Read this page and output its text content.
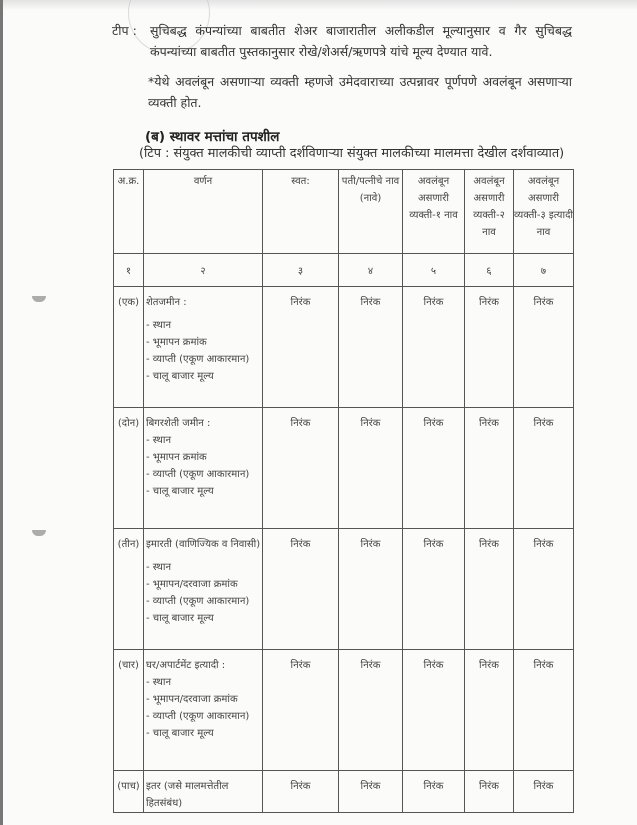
टीप : सुचिबद्ध कंपन्यांच्या बाबतीत शेअर बाजारातील अलीकडील मूल्यानुसार व गैर सुचिबद्ध कंपन्यांच्या बाबतीत पुस्तकानुसार रोखे/शेअर्स/ऋणपत्रे यांचे मूल्य देण्यात यावे.
*येथे अवलंबून असणाऱ्या व्यक्ती म्हणजे उमेदवाराच्या उत्पन्नावर पूर्णपणे अवलंबून असणाऱ्या व्यक्ती होत.
(ब) स्थावर मत्तांचा तपशील
(टिप : संयुक्त मालकीची व्याप्ती दर्शविणाऱ्या संयुक्त मालकीच्या मालमत्ता देखील दर्शवाव्यात)
अ.क्र.	वर्णन	स्वत:	पती/पत्नीचे नाव (नावे)	अवलंबून असणारी व्यक्ती-१ नाव	अवलंबून असणारी व्यक्ती-२ नाव	अवलंबून असणारी व्यक्ती-३ इत्यादी नाव
१	२	३	४	५	६	७
(एक)	शेतजमीन :
- स्थान
- भूमापन क्रमांक
- व्याप्ती (एकूण आकारमान)
- चालू बाजार मूल्य	निरंक	निरंक	निरंक	निरंक	निरंक
(दोन)	बिगरशेती जमीन :
- स्थान
- भूमापन क्रमांक
- व्याप्ती (एकूण आकारमान)
- चालू बाजार मूल्य	निरंक	निरंक	निरंक	निरंक	निरंक
(तीन)	इमारती (वाणिज्यिक व निवासी)
- स्थान
- भूमापन/दरवाजा क्रमांक
- व्याप्ती (एकूण आकारमान)
- चालू बाजार मूल्य	निरंक	निरंक	निरंक	निरंक	निरंक
(चार)	घर/अपार्टमेंट इत्यादी :
- स्थान
- भूमापन/दरवाजा क्रमांक
- व्याप्ती (एकूण आकारमान)
- चालू बाजार मूल्य	निरंक	निरंक	निरंक	निरंक	निरंक
(पाच)	इतर (जसे मालमत्तेतील हितसंबंध)	निरंक	निरंक	निरंक	निरंक	निरंक
